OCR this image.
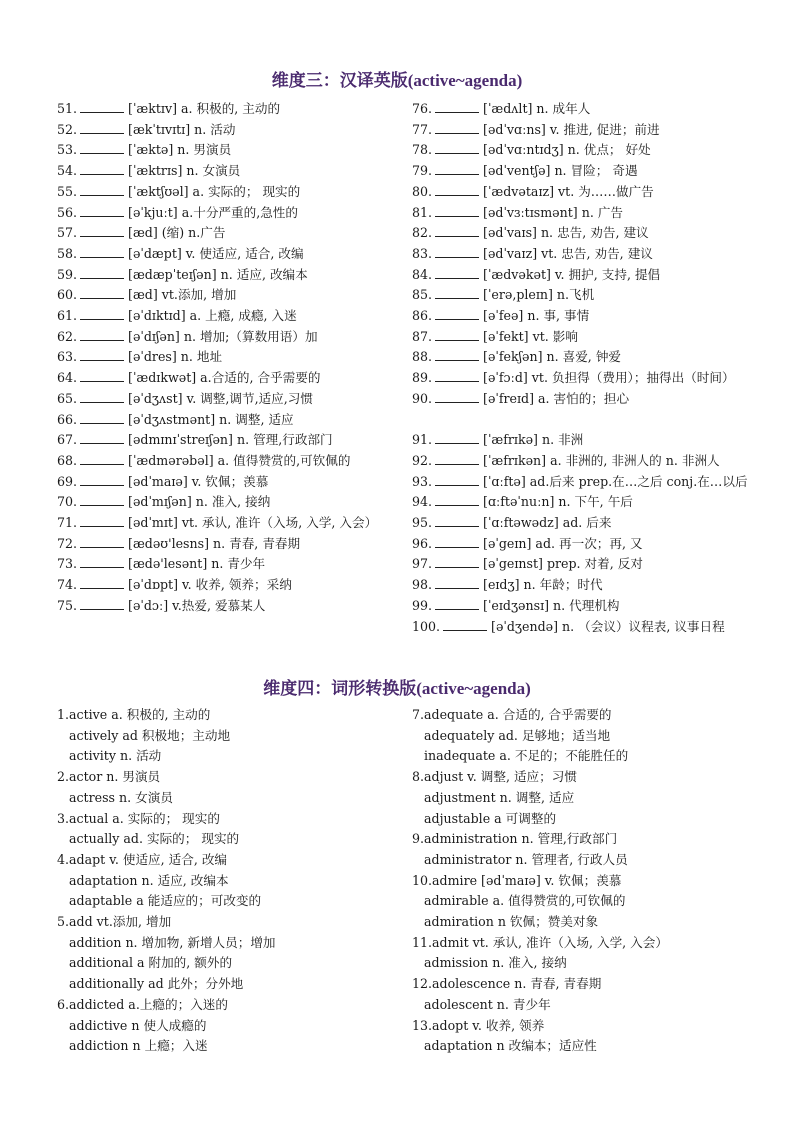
维度三：汉译英版(active~agenda)
51.	[ˈæktɪv] a. 积极的, 主动的
52.	[ækˈtɪvɪtɪ] n. 活动
53.	[ˈæktə] n. 男演员
54.	[ˈæktrɪs] n. 女演员
55.	[ˈæktʃʊəl] a. 实际的； 现实的
56.	[əˈkjuːt] a.十分严重的,急性的
57.	[æd] (缩) n.广告
58.	[əˈdæpt] v. 使适应, 适合, 改编
59.	[ædæpˈteɪʃən] n. 适应, 改编本
60.	[æd] vt.添加, 增加
61.	[əˈdɪktɪd] a. 上瘾, 成瘾, 入迷
62.	[əˈdɪʃən] n. 增加;（算数用语）加
63.	[əˈdres] n. 地址
64.	[ˈædɪkwət] a.合适的, 合乎需要的
65.	[əˈdʒʌst] v. 调整,调节,适应,习惯
66.	[əˈdʒʌstmənt] n. 调整, 适应
67.	[ədmɪnɪˈstreɪʃən] n. 管理,行政部门
68.	[ˈædmərəbəl] a. 值得赞赏的,可钦佩的
69.	[ədˈmaɪə] v. 钦佩；羡慕
70.	[ədˈmɪʃən] n. 准入, 接纳
71.	[ədˈmɪt] vt. 承认, 准许（入场, 入学, 入会）
72.	[ædəʊ'lesns] n. 青春, 青春期
73.	[ædə'lesənt] n. 青少年
74.	[əˈdɒpt] v. 收养, 领养；采纳
75.	[əˈdɔː] v.热爱, 爱慕某人
76.	[ˈædʌlt] n. 成年人
77.	[ədˈvɑːns] v. 推进, 促进；前进
78.	[ədˈvɑːntɪdʒ] n. 优点； 好处
79.	[ədˈventʃə] n. 冒险； 奇遇
80.	[ˈædvətaɪz] vt. 为……做广告
81.	[ədˈvɜːtɪsmənt] n. 广告
82.	[ədˈvaɪs] n. 忠告, 劝告, 建议
83.	[ədˈvaɪz] vt. 忠告, 劝告, 建议
84.	[ˈædvəkət] v. 拥护, 支持, 提倡
85.	[ˈerə,pleɪn] n.飞机
86.	[əˈfeə] n. 事, 事情
87.	[əˈfekt] vt. 影响
88.	[əˈfekʃən] n. 喜爱, 钟爱
89.	[əˈfɔːd] vt. 负担得（费用）；抽得出（时间）
90.	[əˈfreɪd] a. 害怕的；担心
91.	[ˈæfrɪkə] n. 非洲
92.	[ˈæfrɪkən] a. 非洲的, 非洲人的 n. 非洲人
93.	[ˈɑːftə] ad.后来 prep.在…之后 conj.在…以后
94.	[ɑːftəˈnuːn] n. 下午, 午后
95.	[ˈɑːftəwədz] ad. 后来
96.	[əˈgeɪn] ad. 再一次；再, 又
97.	[əˈgeɪnst] prep. 对着, 反对
98.	[eɪdʒ] n. 年龄；时代
99.	[ˈeɪdʒənsɪ] n. 代理机构
100.	[əˈdʒendə] n. （会议）议程表, 议事日程
维度四：词形转换版(active~agenda)
1.active a. 积极的, 主动的
actively ad 积极地；主动地
activity n. 活动
2.actor n. 男演员
actress n. 女演员
3.actual a. 实际的； 现实的
actually ad. 实际的； 现实的
4.adapt v. 使适应, 适合, 改编
adaptation n. 适应, 改编本
adaptable a 能适应的；可改变的
5.add vt.添加, 增加
addition n. 增加物, 新增人员；增加
additional a 附加的, 额外的
additionally ad 此外；分外地
6.addicted a.上瘾的；入迷的
addictive n 使人成瘾的
addiction n 上瘾；入迷
7.adequate a. 合适的, 合乎需要的
adequately ad. 足够地；适当地
inadequate a. 不足的；不能胜任的
8.adjust v. 调整, 适应；习惯
adjustment n. 调整, 适应
adjustable a 可调整的
9.administration n. 管理,行政部门
administrator n. 管理者, 行政人员
10.admire [ədˈmaɪə] v. 钦佩；羡慕
admirable a. 值得赞赏的,可钦佩的
admiration n 钦佩；赞美对象
11.admit vt. 承认, 准许（入场, 入学, 入会）
admission n. 准入, 接纳
12.adolescence n. 青春, 青春期
adolescent n. 青少年
13.adopt v. 收养, 领养
adaptation n 改编本；适应性
